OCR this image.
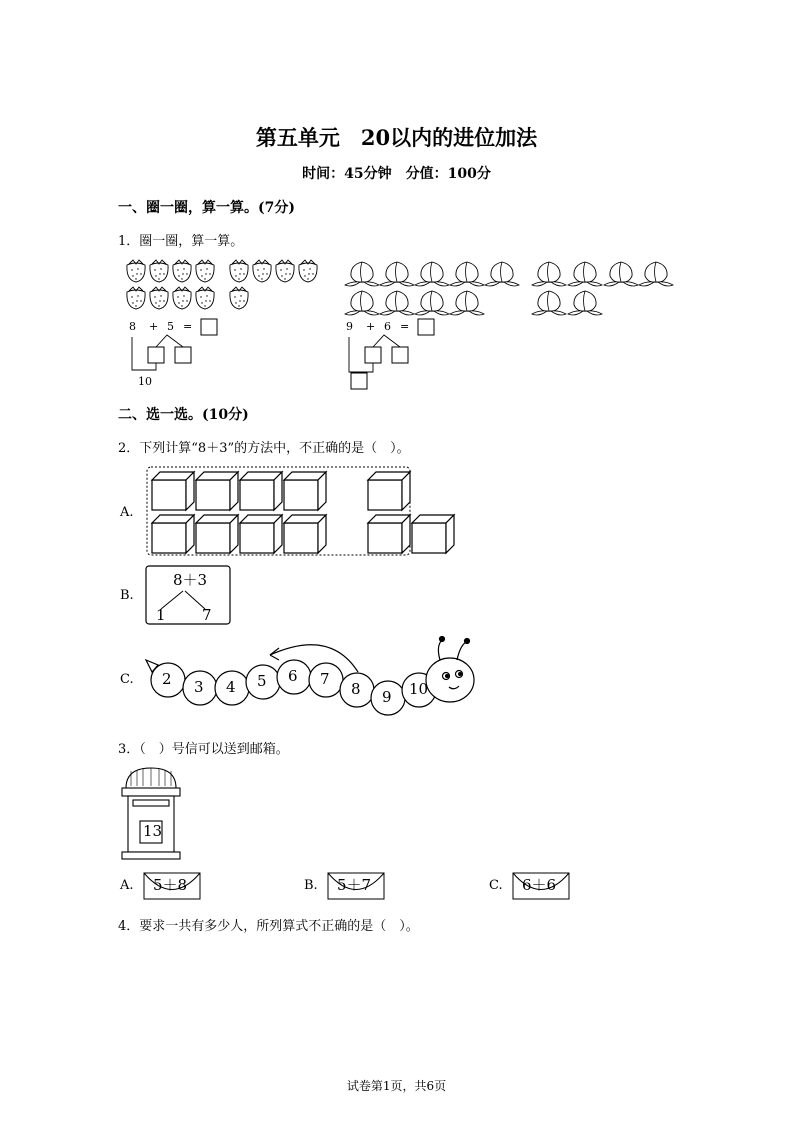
第五单元　20以内的进位加法
时间：45分钟　分值：100分
一、圈一圈，算一算。(7分)
1．圈一圈，算一算。
8 + 5 =
10
9 + 6 =
二、选一选。(10分)
2．下列计算“8＋3”的方法中，不正确的是（　）。
A.
B.
8＋3
1 7
C. 2 3 4 5 6 7
8 9 10
3．（　）号信可以送到邮箱。
13
A. 5＋8	B. 5＋7	C. 6＋6
4．要求一共有多少人，所列算式不正确的是（　）。
试卷第1页，共6页
